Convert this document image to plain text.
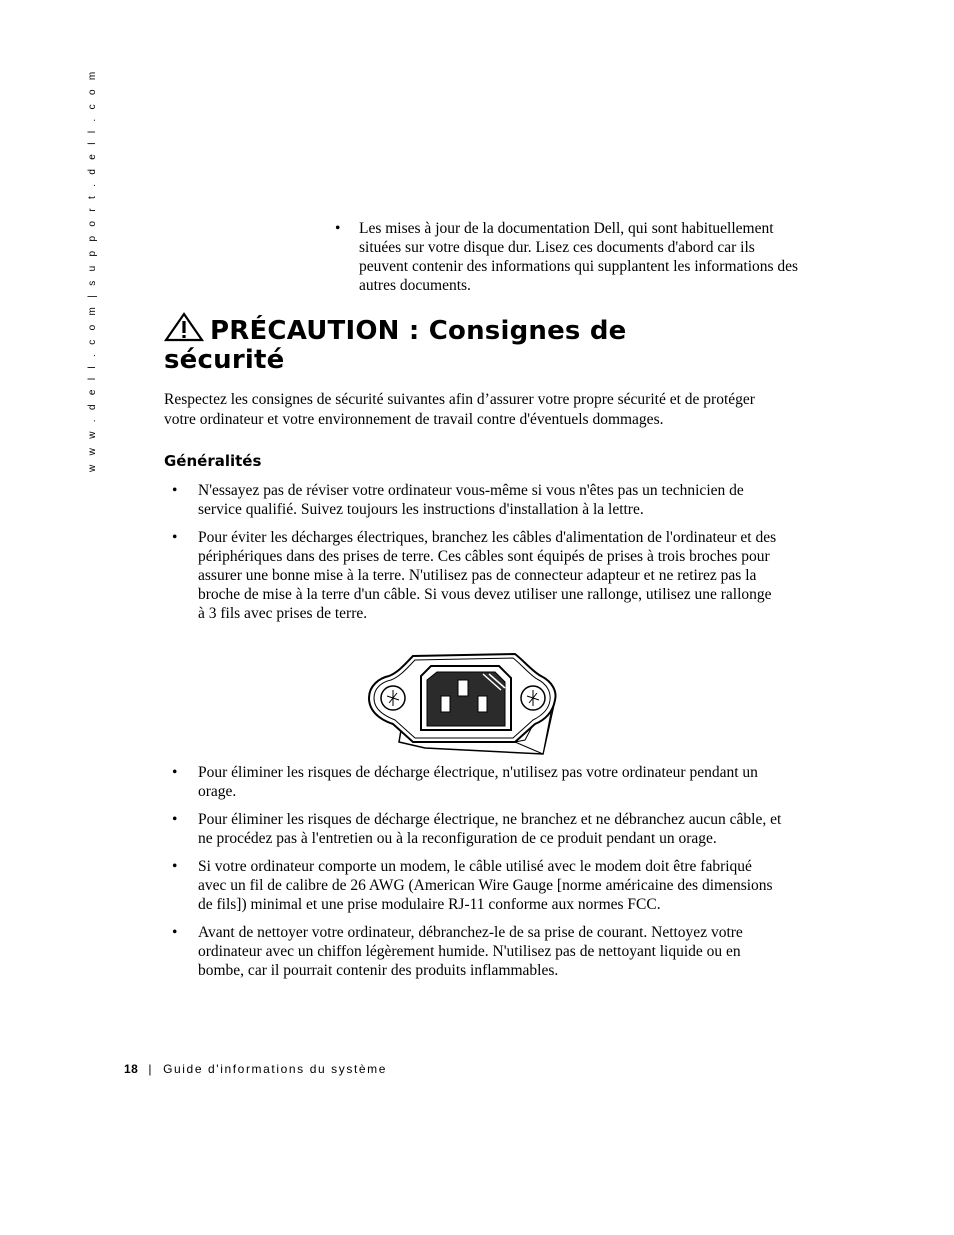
w w w . d e l l . c o m | s u p p o r t . d e l l . c o m	• Les mises à jour de la documentation Dell, qui sont habituellement situées sur votre disque dur. Lisez ces documents d'abord car ils peuvent contenir des informations qui supplantent les informations des autres documents.
PRÉCAUTION : Consignes de
sécurité
Respectez les consignes de sécurité suivantes afin d’assurer votre propre sécurité et de protéger votre ordinateur et votre environnement de travail contre d'éventuels dommages.
Généralités
• N'essayez pas de réviser votre ordinateur vous-même si vous n'êtes pas un technicien de service qualifié. Suivez toujours les instructions d'installation à la lettre.
• Pour éviter les décharges électriques, branchez les câbles d'alimentation de l'ordinateur et des périphériques dans des prises de terre. Ces câbles sont équipés de prises à trois broches pour assurer une bonne mise à la terre. N'utilisez pas de connecteur adapteur et ne retirez pas la broche de mise à la terre d'un câble. Si vous devez utiliser une rallonge, utilisez une rallonge à 3 fils avec prises de terre.
• Pour éliminer les risques de décharge électrique, n'utilisez pas votre ordinateur pendant un orage.
• Pour éliminer les risques de décharge électrique, ne branchez et ne débranchez aucun câble, et ne procédez pas à l'entretien ou à la reconfiguration de ce produit pendant un orage.
• Si votre ordinateur comporte un modem, le câble utilisé avec le modem doit être fabriqué avec un fil de calibre de 26 AWG (American Wire Gauge [norme américaine des dimensions de fils]) minimal et une prise modulaire RJ-11 conforme aux normes FCC.
• Avant de nettoyer votre ordinateur, débranchez-le de sa prise de courant. Nettoyez votre ordinateur avec un chiffon légèrement humide. N'utilisez pas de nettoyant liquide ou en bombe, car il pourrait contenir des produits inflammables.
18 | Guide d'informations du système
